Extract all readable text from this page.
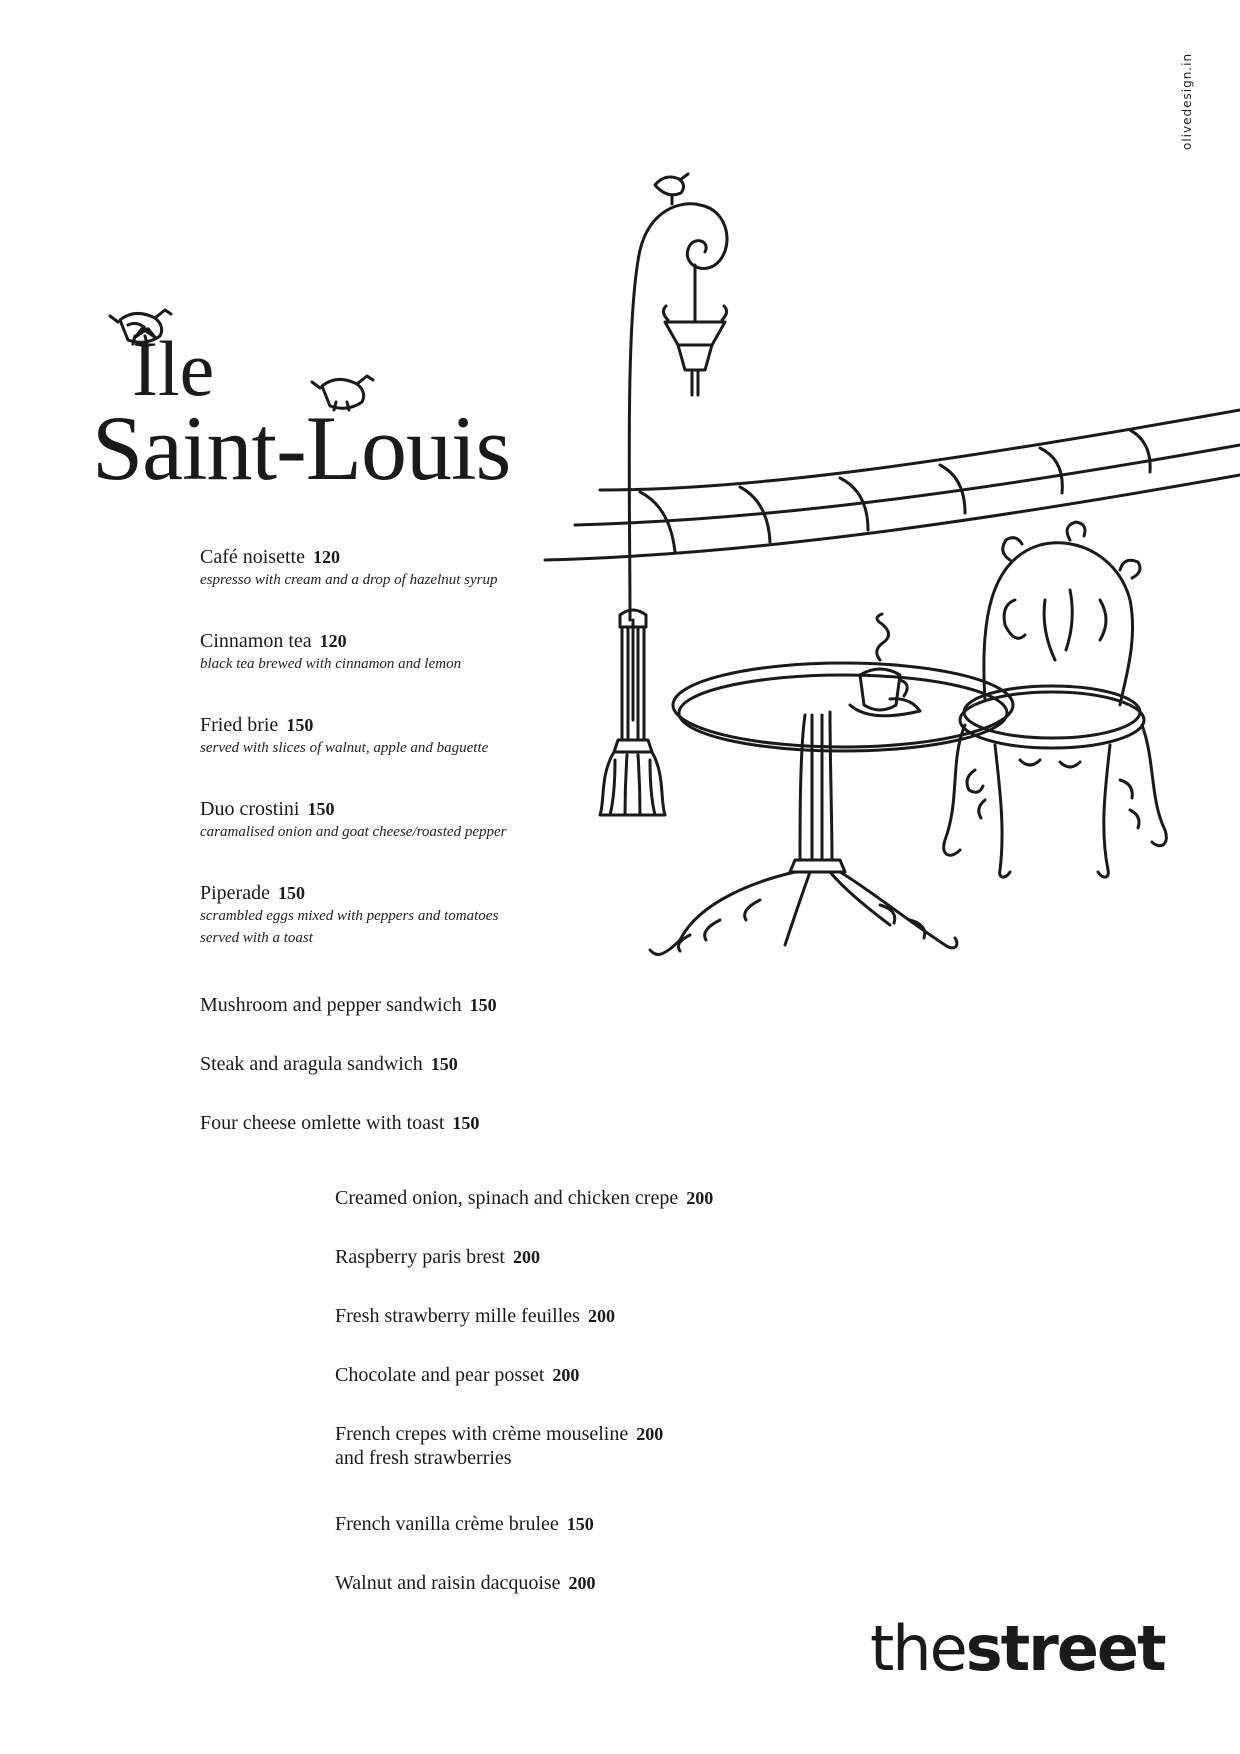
olivedesign.in
Île
Saint-Louis
Café noisette 120
espresso with cream and a drop of hazelnut syrup
Cinnamon tea 120
black tea brewed with cinnamon and lemon
Fried brie 150
served with slices of walnut, apple and baguette
Duo crostini 150
caramalised onion and goat cheese/roasted pepper
Piperade 150
scrambled eggs mixed with peppers and tomatoes
served with a toast
Mushroom and pepper sandwich 150
Steak and aragula sandwich 150
Four cheese omlette with toast 150
Creamed onion, spinach and chicken crepe 200
Raspberry paris brest 200
Fresh strawberry mille feuilles 200
Chocolate and pear posset 200
French crepes with crème mouseline 200
and fresh strawberries
French vanilla crème brulee 150
Walnut and raisin dacquoise 200
thestreet
